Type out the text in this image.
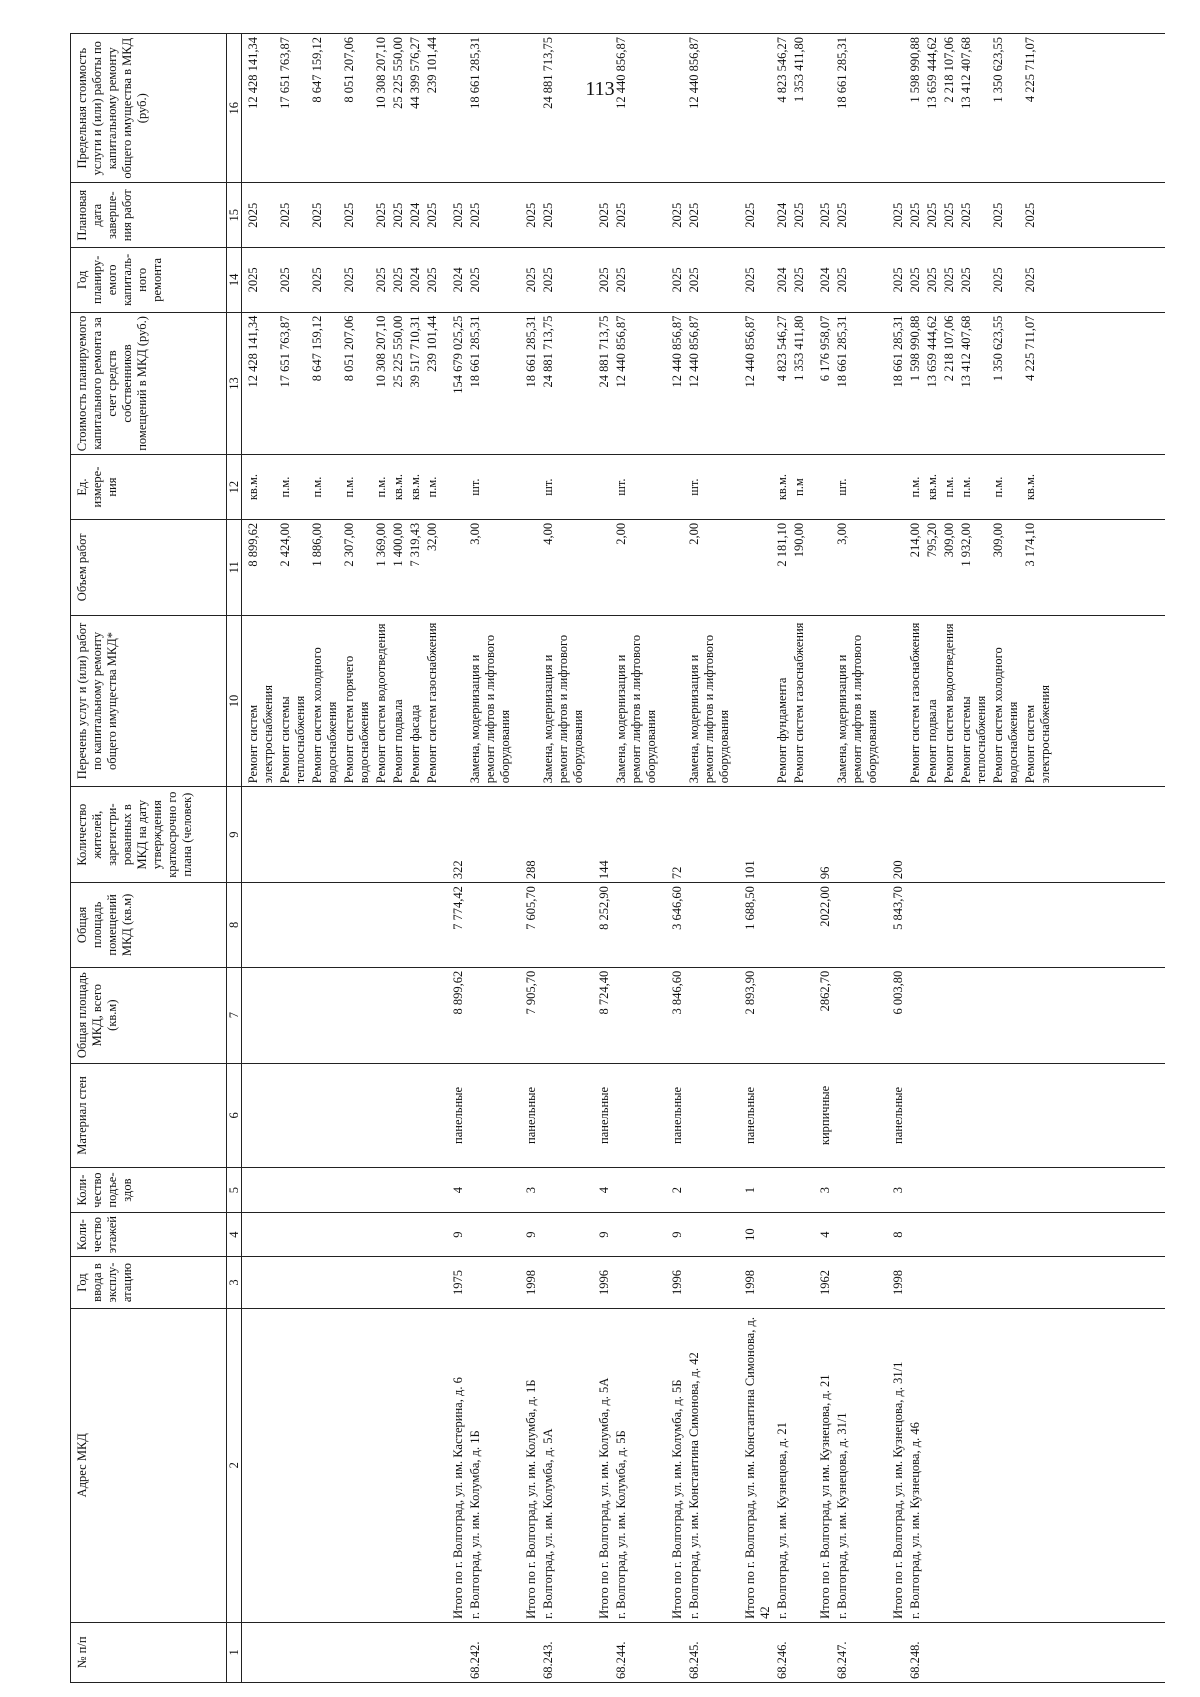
113
№ п/п	Адрес МКД	Год ввода в эксплу-атацию	Коли-чество этажей	Коли-чество подъе-здов	Материал стен	Общая площадь МКД, всего (кв.м)	Общая площадь помещений МКД (кв.м)	Количество жителей, зарегистри-рованных в МКД на дату утверждения краткосрочно го плана (человек)	Перечень услуг и (или) работ по капитальному ремонту общего имущества МКД*	Объем работ	Ед. измере-ния	Стоимость планируемого капитального ремонта за счет средств собственников помещений в МКД (руб.)	Год планиру-емого капиталь-ного ремонта	Плановая дата заверше-ния работ	Предельная стоимость услуги и (или) работы по капитальному ремонту общего имущества в МКД (руб.)
1	2	3	4	5	6	7	8	9	10	11	12	13	14	15	16
									Ремонт систем электроснабжения	8 899,62	кв.м.	12 428 141,34	2025	2025	12 428 141,34
									Ремонт системы теплоснабжения	2 424,00	п.м.	17 651 763,87	2025	2025	17 651 763,87
									Ремонт систем холодного водоснабжения	1 886,00	п.м.	8 647 159,12	2025	2025	8 647 159,12
									Ремонт систем горячего водоснабжения	2 307,00	п.м.	8 051 207,06	2025	2025	8 051 207,06
									Ремонт систем водоотведения	1 369,00	п.м.	10 308 207,10	2025	2025	10 308 207,10
									Ремонт подвала	1 400,00	кв.м.	25 225 550,00	2025	2025	25 225 550,00
									Ремонт фасада	7 319,43	кв.м.	39 517 710,31	2024	2024	44 399 576,27
									Ремонт систем газоснабжения	32,00	п.м.	239 101,44	2025	2025	239 101,44
	Итого по г. Волгоград, ул. им. Кастерина, д. 6	1975	9	4	панельные	8 899,62	7 774,42	322				154 679 025,25	2024	2025	
68.242.	г. Волгоград, ул. им. Колумба, д. 1Б								Замена, модернизация и ремонт лифтов и лифтового оборудования	3,00	шт.	18 661 285,31	2025	2025	18 661 285,31
	Итого по г. Волгоград, ул. им. Колумба, д. 1Б	1998	9	3	панельные	7 905,70	7 605,70	288				18 661 285,31	2025	2025	
68.243.	г. Волгоград, ул. им. Колумба, д. 5А								Замена, модернизация и ремонт лифтов и лифтового оборудования	4,00	шт.	24 881 713,75	2025	2025	24 881 713,75
	Итого по г. Волгоград, ул. им. Колумба, д. 5А	1996	9	4	панельные	8 724,40	8 252,90	144				24 881 713,75	2025	2025	
68.244.	г. Волгоград, ул. им. Колумба, д. 5Б								Замена, модернизация и ремонт лифтов и лифтового оборудования	2,00	шт.	12 440 856,87	2025	2025	12 440 856,87
	Итого по г. Волгоград, ул. им. Колумба, д. 5Б	1996	9	2	панельные	3 846,60	3 646,60	72				12 440 856,87	2025	2025	
68.245.	г. Волгоград, ул. им. Константина Симонова, д. 42								Замена, модернизация и ремонт лифтов и лифтового оборудования	2,00	шт.	12 440 856,87	2025	2025	12 440 856,87
	Итого по г. Волгоград, ул. им. Константина Симонова, д. 42	1998	10	1	панельные	2 893,90	1 688,50	101				12 440 856,87	2025	2025	
68.246.	г. Волгоград, ул. им. Кузнецова, д. 21								Ремонт фундамента	2 181,10	кв.м.	4 823 546,27	2024	2024	4 823 546,27
									Ремонт систем газоснабжения	190,00	п.м	1 353 411,80	2025	2025	1 353 411,80
	Итого по г. Волгоград, ул им. Кузнецова, д. 21	1962	4	3	кирпичные	2862,70	2022,00	96				6 176 958,07	2024	2025	
68.247.	г. Волгоград, ул. им. Кузнецова, д. 31/1								Замена, модернизация и ремонт лифтов и лифтового оборудования	3,00	шт.	18 661 285,31	2025	2025	18 661 285,31
	Итого по г. Волгоград, ул. им. Кузнецова, д. 31/1	1998	8	3	панельные	6 003,80	5 843,70	200				18 661 285,31	2025	2025	
68.248.	г. Волгоград, ул. им. Кузнецова, д. 46								Ремонт систем газоснабжения	214,00	п.м.	1 598 990,88	2025	2025	1 598 990,88
									Ремонт подвала	795,20	кв.м.	13 659 444,62	2025	2025	13 659 444,62
									Ремонт систем водоотведения	309,00	п.м.	2 218 107,06	2025	2025	2 218 107,06
									Ремонт системы теплоснабжения	1 932,00	п.м.	13 412 407,68	2025	2025	13 412 407,68
									Ремонт систем холодного водоснабжения	309,00	п.м.	1 350 623,55	2025	2025	1 350 623,55
									Ремонт систем электроснабжения	3 174,10	кв.м.	4 225 711,07	2025	2025	4 225 711,07
